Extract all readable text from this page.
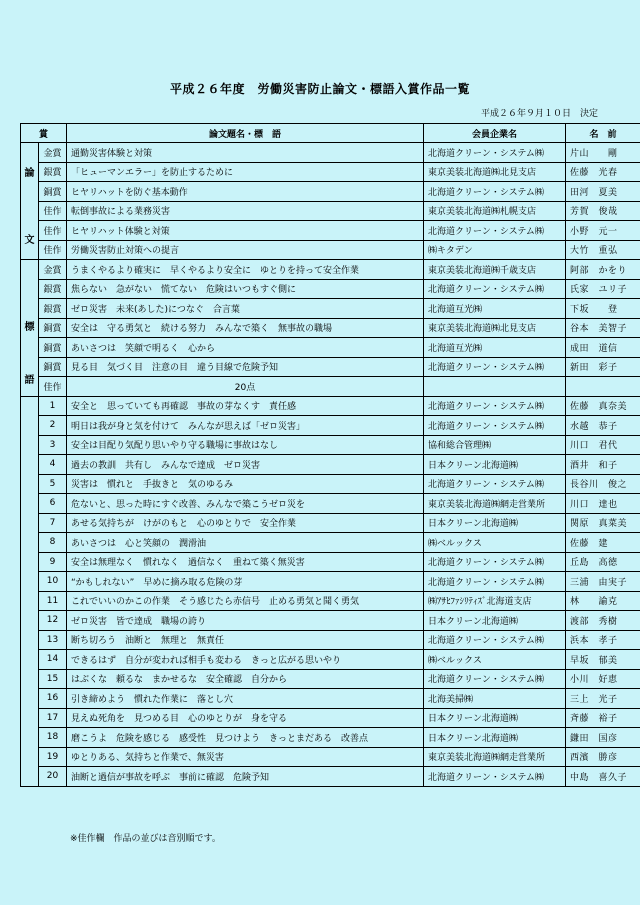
平成２６年度　労働災害防止論文・標語入賞作品一覧
平成２６年９月１０日　決定
賞		論文題名・標　語	会員企業名	名　前

論
文	金賞	通勤災害体験と対策	北海道クリーン・システム㈱	片山　　剛
	銀賞	「ヒューマンエラー」を防止するために	東京美装北海道㈱北見支店	佐藤　光春
	銅賞	ヒヤリハットを防ぐ基本動作	北海道クリーン・システム㈱	田河　夏美
	佳作	転倒事故による業務災害	東京美装北海道㈱札幌支店	芳賀　俊哉
	佳作	ヒヤリハット体験と対策	北海道クリーン・システム㈱	小野　元一
	佳作	労働災害防止対策への提言	㈱キタデン	大竹　重弘

標
語	金賞	うまくやるより確実に　早くやるより安全に　ゆとりを持って安全作業	東京美装北海道㈱千歳支店	阿部　かをり
	銀賞	焦らない　急がない　慌てない　危険はいつもすぐ側に	北海道クリーン・システム㈱	氏家　ユリ子
	銀賞	ゼロ災害　未来(あした)につなぐ　合言葉	北海道互光㈱	下坂　　登
	銅賞	安全は　守る勇気と　続ける努力　みんなで築く　無事故の職場	東京美装北海道㈱北見支店	谷本　美智子
	銅賞	あいさつは　笑顔で明るく　心から	北海道互光㈱	成田　道信
	銅賞	見る目　気づく目　注意の目　違う目線で危険予知	北海道クリーン・システム㈱	新田　彩子
	佳作	20点		
	1	安全と　思っていても再確認　事故の芽なくす　責任感	北海道クリーン・システム㈱	佐藤　真奈美
	2	明日は我が身と気を付けて　みんなが思えば「ゼロ災害」	北海道クリーン・システム㈱	水越　恭子
	3	安全は目配り気配り思いやり守る職場に事故はなし	協和総合管理㈱	川口　君代
	4	過去の教訓　共有し　みんなで達成　ゼロ災害	日本クリーン北海道㈱	酒井　和子
	5	災害は　慣れと　手抜きと　気のゆるみ	北海道クリーン・システム㈱	長谷川　俊之
	6	危ないと、思った時にすぐ改善、みんなで築こうゼロ災を	東京美装北海道㈱網走営業所	川口　達也
	7	あせる気持ちが　けがのもと　心のゆとりで　安全作業	日本クリーン北海道㈱	関原　真菜美
	8	あいさつは　心と笑顔の　潤滑油	㈱ベルックス	佐藤　建
	9	安全は無理なく　慣れなく　過信なく　重ねて築く無災害	北海道クリーン・システム㈱	丘島　高徳
	10	“かもしれない”　早めに摘み取る危険の芽	北海道クリーン・システム㈱	三浦　由実子
	11	これでいいのかこの作業　そう感じたら赤信号　止める勇気と聞く勇気	㈱ｱｻﾋﾌｧｼﾘﾃｨｽﾞ北海道支店	林　　諭克
	12	ゼロ災害　皆で達成　職場の誇り	日本クリーン北海道㈱	渡部　秀樹
	13	断ち切ろう　油断と　無理と　無責任	北海道クリーン・システム㈱	浜本　孝子
	14	できるはず　自分が変われば相手も変わる　きっと広がる思いやり	㈱ベルックス	早坂　郁美
	15	はぶくな　頼るな　まかせるな　安全確認　自分から	北海道クリーン・システム㈱	小川　好恵
	16	引き締めよう　慣れた作業に　落とし穴	北海美掃㈱	三上　光子
	17	見えぬ死角を　見つめる目　心のゆとりが　身を守る	日本クリーン北海道㈱	斉藤　裕子
	18	磨こうよ　危険を感じる　感受性　見つけよう　きっとまだある　改善点	日本クリーン北海道㈱	鎌田　国彦
	19	ゆとりある、気持ちと作業で、無災害	東京美装北海道㈱網走営業所	西濱　勝彦
	20	油断と過信が事故を呼ぶ　事前に確認　危険予知	北海道クリーン・システム㈱	中島　喜久子
※佳作欄　作品の並びは音別順です。
